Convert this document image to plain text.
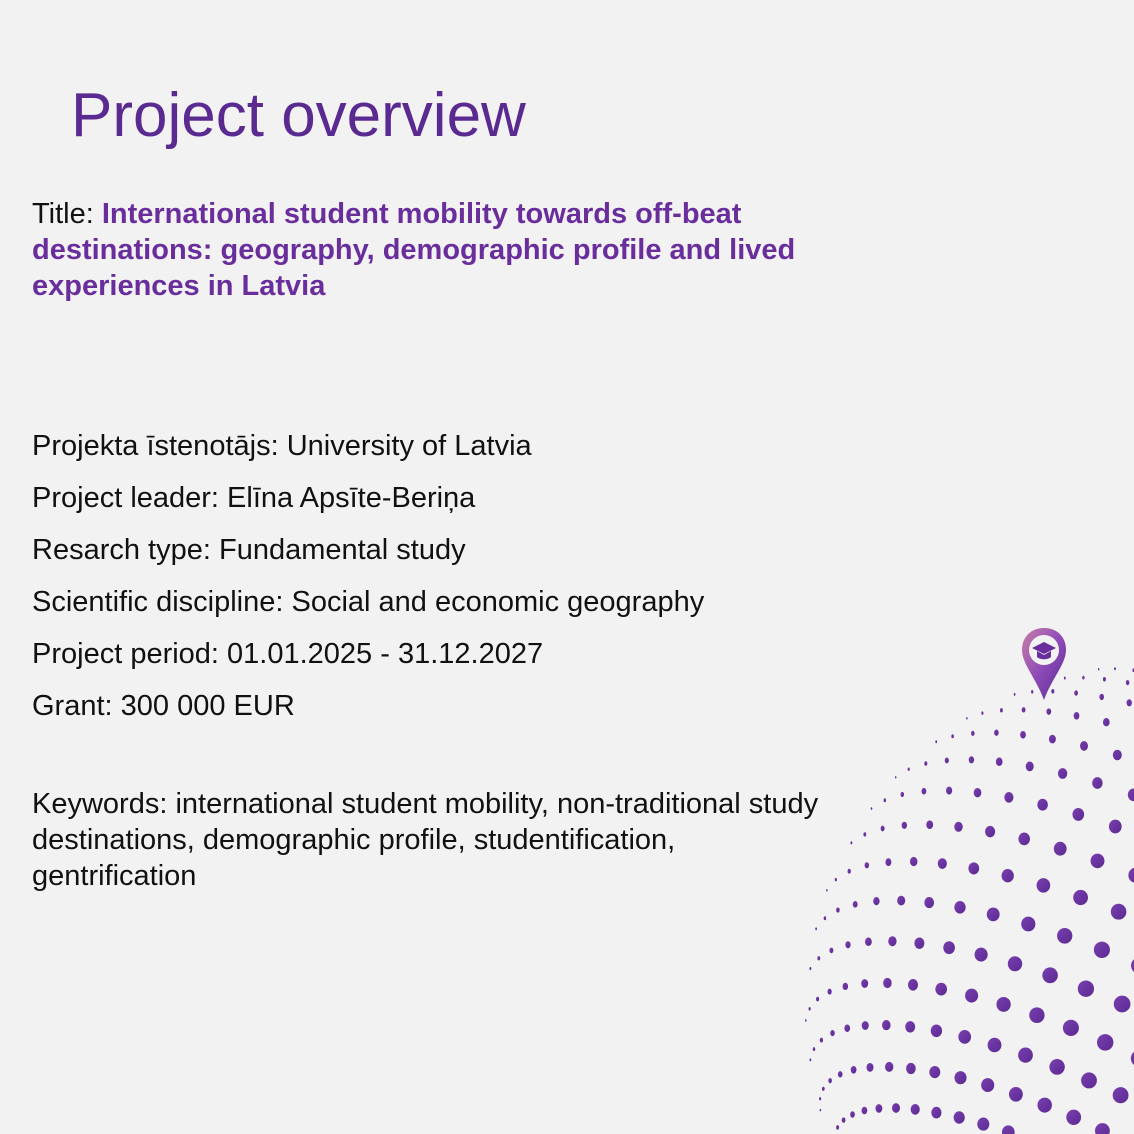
Project overview
Title: International student mobility towards off-beat destinations: geography, demographic profile and lived experiences in Latvia
Projekta īstenotājs: University of Latvia
Project leader: Elīna Apsīte-Beriņa
Resarch type: Fundamental study
Scientific discipline: Social and economic geography
Project period: 01.01.2025 - 31.12.2027
Grant: 300 000 EUR
Keywords: international student mobility, non-traditional study destinations, demographic profile, studentification, gentrification
